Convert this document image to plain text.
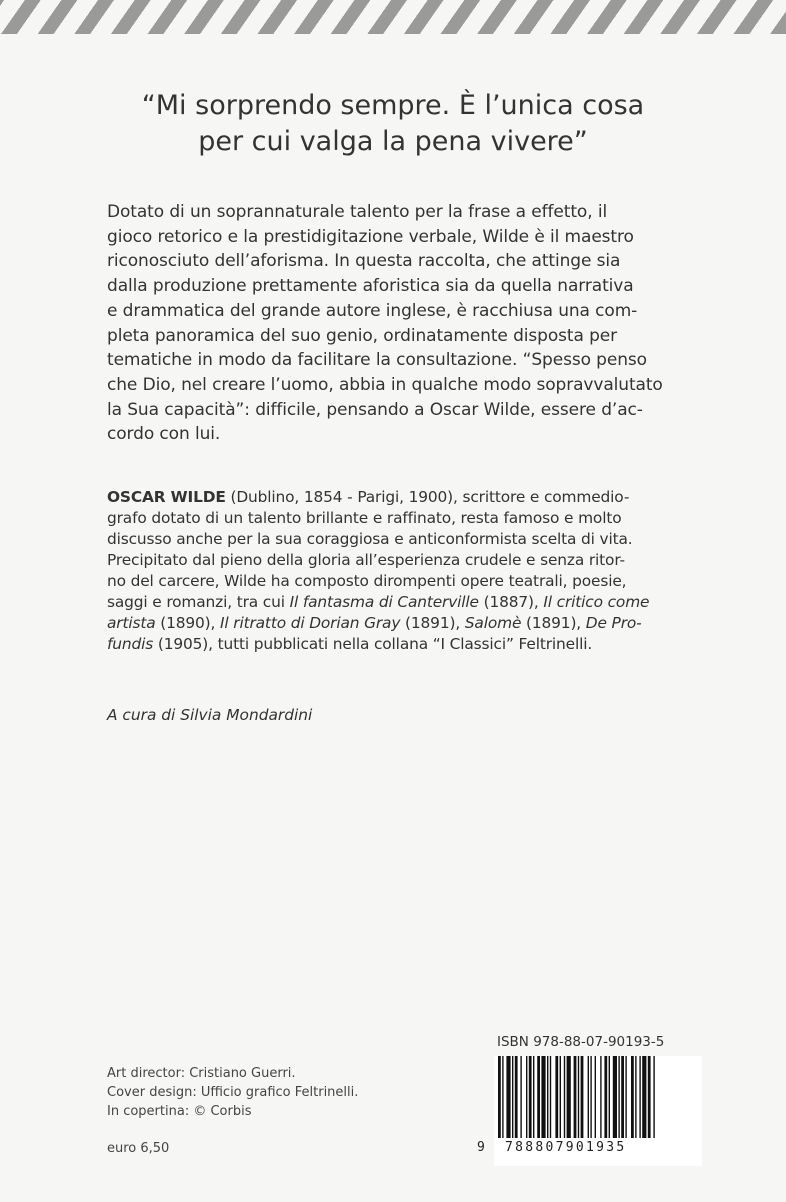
“Mi sorprendo sempre. È l’unica cosa
per cui valga la pena vivere”
Dotato di un soprannaturale talento per la frase a effetto, il
gioco retorico e la prestidigitazione verbale, Wilde è il maestro
riconosciuto dell’aforisma. In questa raccolta, che attinge sia
dalla produzione prettamente aforistica sia da quella narrativa
e drammatica del grande autore inglese, è racchiusa una com-
pleta panoramica del suo genio, ordinatamente disposta per
tematiche in modo da facilitare la consultazione. “Spesso penso
che Dio, nel creare l’uomo, abbia in qualche modo sopravvalutato
la Sua capacità”: difficile, pensando a Oscar Wilde, essere d’ac-
cordo con lui.
OSCAR WILDE (Dublino, 1854 - Parigi, 1900), scrittore e commedio-
grafo dotato di un talento brillante e raffinato, resta famoso e molto
discusso anche per la sua coraggiosa e anticonformista scelta di vita.
Precipitato dal pieno della gloria all’esperienza crudele e senza ritor-
no del carcere, Wilde ha composto dirompenti opere teatrali, poesie,
saggi e romanzi, tra cui Il fantasma di Canterville (1887), Il critico come
artista (1890), Il ritratto di Dorian Gray (1891), Salomè (1891), De Pro-
fundis (1905), tutti pubblicati nella collana “I Classici” Feltrinelli.
A cura di Silvia Mondardini
Art director: Cristiano Guerri.
Cover design: Ufficio grafico Feltrinelli.
In copertina: © Corbis
euro 6,50
ISBN 978-88-07-90193-5
9 788807901935
